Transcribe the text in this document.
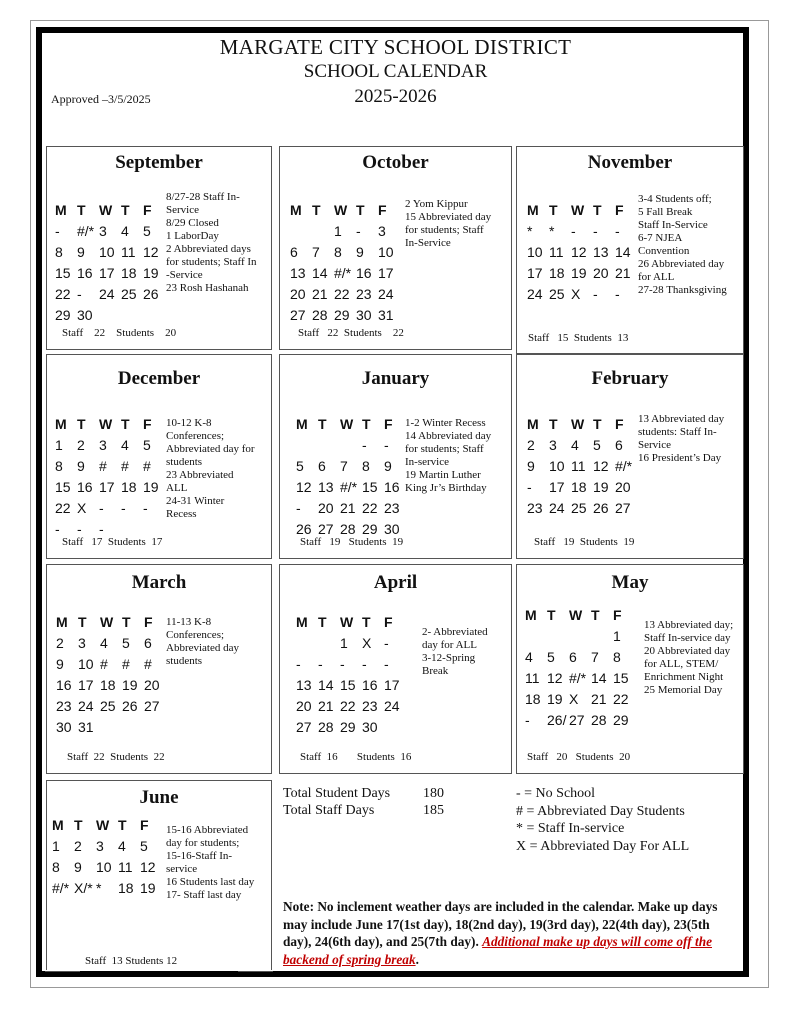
MARGATE CITY SCHOOL DISTRICT
SCHOOL CALENDAR
2025-2026
Approved –3/5/2025
September
M T W T F
- #/* 3 4 5
8 9 10 11 12
15 16 17 18 19
22 - 24 25 26
29 30
8/27-28 Staff In-
Service
8/29 Closed
1 LaborDay
2 Abbreviated days
for students; Staff In
-Service
23 Rosh Hashanah
Staff    22    Students    20
October
M T W T F
1 - 3
6 7 8 9 10
13 14 #/* 16 17
20 21 22 23 24
27 28 29 30 31
2 Yom Kippur
15 Abbreviated day
for students; Staff
In-Service
Staff   22  Students    22
November
M T W T F
* * - - -
10 11 12 13 14
17 18 19 20 21
24 25 X - -
3-4 Students off;
5 Fall Break
Staff In-Service
6-7 NJEA
Convention
26 Abbreviated day
for ALL
27-28 Thanksgiving
Staff   15  Students  13
December
M T W T F
1 2 3 4 5
8 9 # # #
15 16 17 18 19
22 X - - -
- - -
10-12 K-8
Conferences;
Abbreviated day for
students
23 Abbreviated
ALL
24-31 Winter
Recess
Staff   17  Students  17
January
M T W T F
- -
5 6 7 8 9
12 13 #/* 15 16
- 20 21 22 23
26 27 28 29 30
1-2 Winter Recess
14 Abbreviated day
for students; Staff
In-service
19 Martin Luther
King Jr’s Birthday
Staff   19   Students  19
February
M T W T F
2 3 4 5 6
9 10 11 12 #/*
- 17 18 19 20
23 24 25 26 27
13 Abbreviated day
students: Staff In-
Service
16 President’s Day
Staff   19  Students  19
March
M T W T F
2 3 4 5 6
9 10 # # #
16 17 18 19 20
23 24 25 26 27
30 31
11-13 K-8
Conferences;
Abbreviated day
students
Staff  22  Students  22
April
M T W T F
1 X -
- - - - -
13 14 15 16 17
20 21 22 23 24
27 28 29 30
2- Abbreviated
day for ALL
3-12-Spring
Break
Staff  16       Students  16
May
M T W T F
1
4 5 6 7 8
11 12 #/* 14 15
18 19 X 21 22
- 26/ 27 28 29
13 Abbreviated day;
Staff In-service day
20 Abbreviated day
for ALL, STEM/
Enrichment Night
25 Memorial Day
Staff   20   Students  20
June
M T W T F
1 2 3 4 5
8 9 10 11 12
#/* X/* * 18 19
15-16 Abbreviated
day for students;
15-16-Staff In-
service
16 Students last day
17- Staff last day
Staff  13 Students 12
Total Student Days 180
Total Staff Days	185
- = No School
# = Abbreviated Day Students
* = Staff In-service
X = Abbreviated Day For ALL
Note: No inclement weather days are included in the calendar. Make up days may include June 17(1st day), 18(2nd day), 19(3rd day), 22(4th day), 23(5th day), 24(6th day), and 25(7th day). Additional make up days will come off the backend of spring break.
